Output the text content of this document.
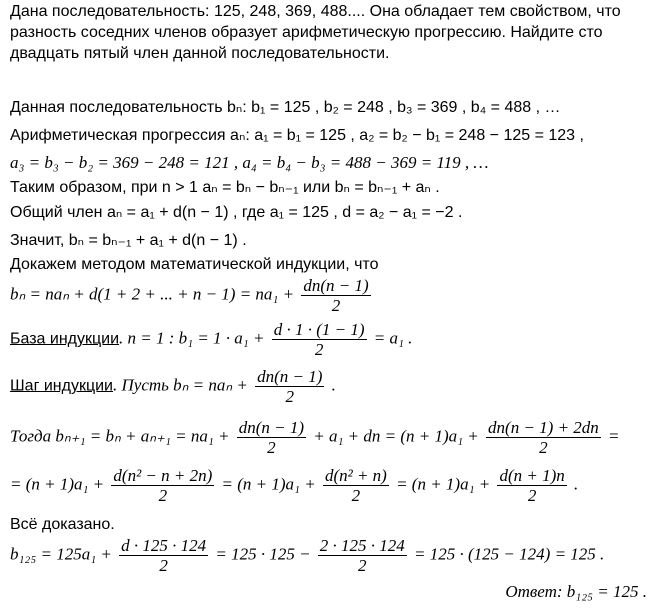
Дана последовательность: 125, 248, 369, 488.... Она обладает тем свойством, что
разность соседних членов образует арифметическую прогрессию. Найдите сто
двадцать пятый член данной последовательности.
Данная последовательность bₙ: b₁ = 125 , b₂ = 248 , b₃ = 369 , b₄ = 488 , …
Арифметическая прогрессия aₙ: a₁ = b₁ = 125 , a₂ = b₂ − b₁ = 248 − 125 = 123 ,
a₃ = b₃ − b₂ = 369 − 248 = 121 , a₄ = b₄ − b₃ = 488 − 369 = 119 , …
Таким образом, при n > 1 aₙ = bₙ − bₙ₋₁ или bₙ = bₙ₋₁ + aₙ .
Общий член aₙ = a₁ + d(n − 1) , где a₁ = 125 , d = a₂ − a₁ = −2 .
Значит, bₙ = bₙ₋₁ + a₁ + d(n − 1) .
Докажем методом математической индукции, что
bₙ = naₙ + d(1 + 2 + ... + $n - 1) = na_1 + \frac{dn(n - 1)}{2}$
База индукции. n = 1 : $b_1 = 1 \cdot a_1 + \frac{d \cdot 1 \cdot (1 - 1)}{2} = a_1$ .
Шаг индукции. Пусть $b_n = na_n + \frac{dn(n - 1)}{2}$ .
Тогда $b_{n+1} = b_n + a_{n+1} = na_1 + \frac{dn(n - 1)}{2} + a_1$ + dn = $(n + 1)a_1 + \frac{dn(n - 1) + 2dn}{2}$ =
= $(n + 1)a_1 + \frac{\text{d(n² − n + 2n)}}{2} = (n + 1)a_1 + \frac{\text{d(n² + n)}}{2} = (n + 1)a_1 + \frac{d(n + 1)n}{2}$ .
Всё доказано.
$b_{125} = 125a_1 + \frac{d \cdot 125 \cdot 124}{2} = 125 \cdot 125 - \frac{2 \cdot 125 \cdot 124}{2} = 125 \cdot (125 - 124) = 125$ .
Ответ: b₁₂₅ = 125 .
